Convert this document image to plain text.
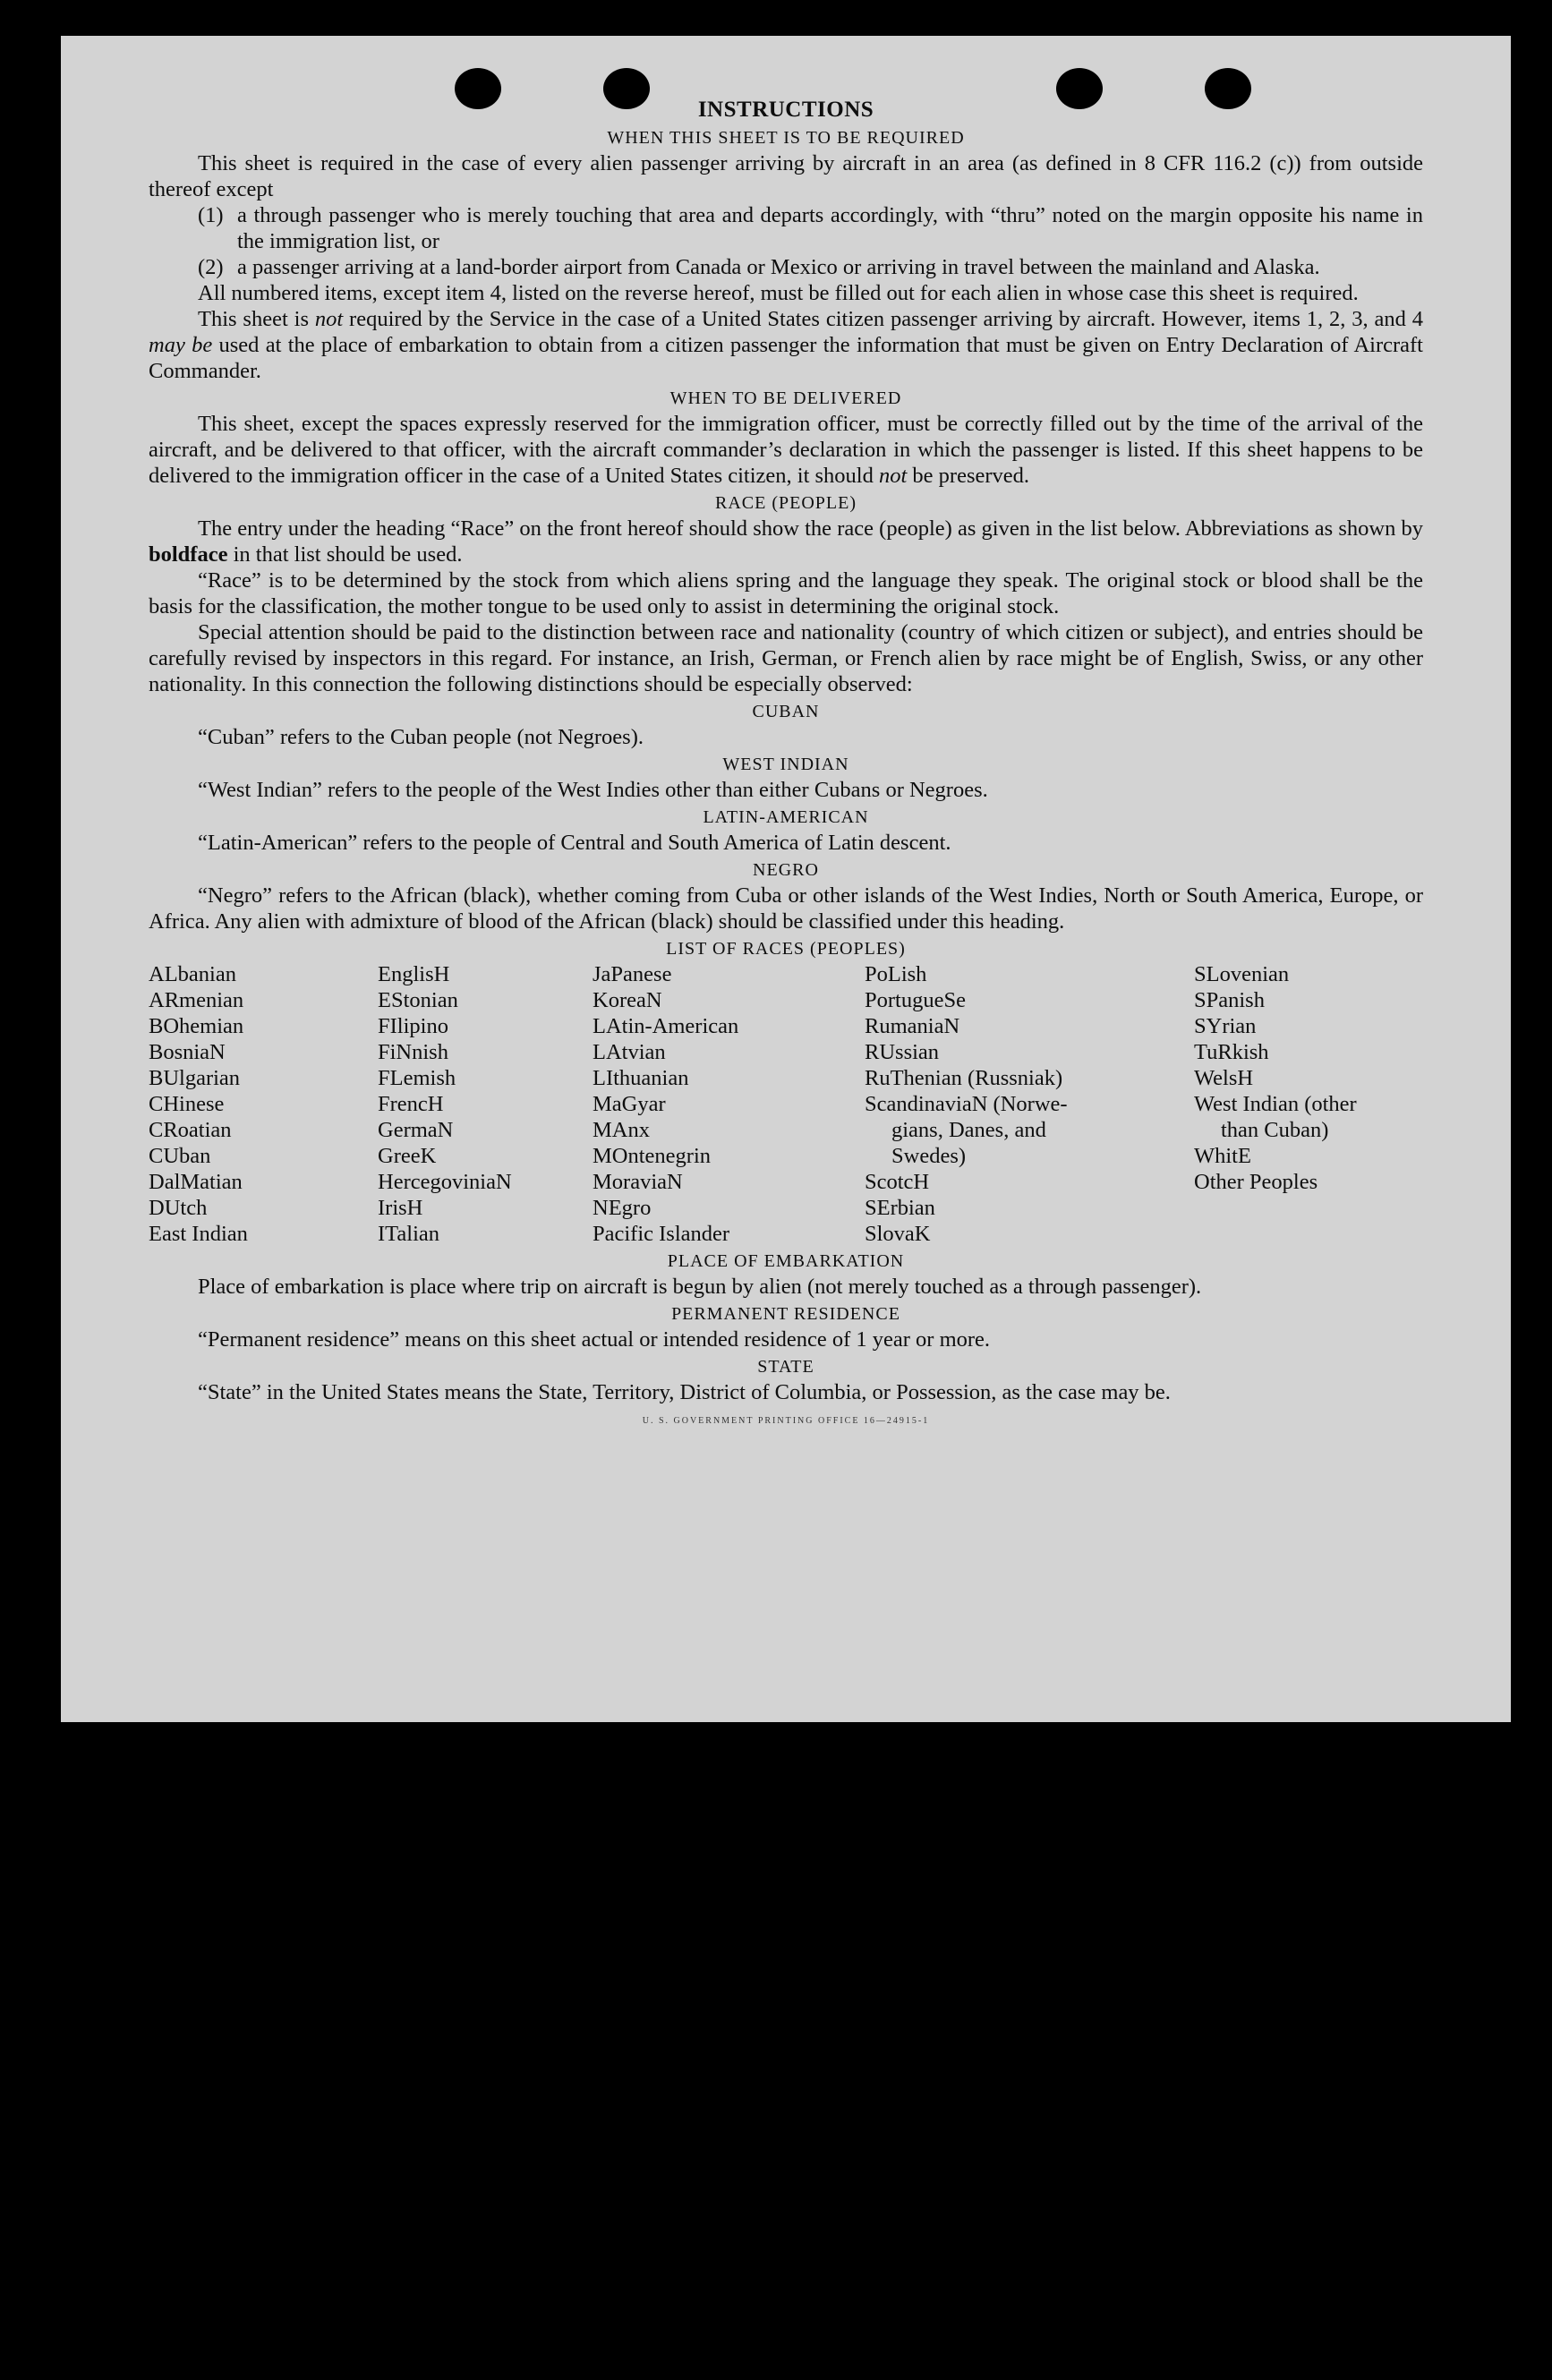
INSTRUCTIONS
WHEN THIS SHEET IS TO BE REQUIRED

This sheet is required in the case of every alien passenger arriving by aircraft in an area (as defined in 8 CFR 116.2 (c)) from outside thereof except

(1) a through passenger who is merely touching that area and departs accordingly, with “thru” noted on the margin opposite his name in the immigration list, or
(2) a passenger arriving at a land-border airport from Canada or Mexico or arriving in travel between the mainland and Alaska.

All numbered items, except item 4, listed on the reverse hereof, must be filled out for each alien in whose case this sheet is required.

This sheet is not required by the Service in the case of a United States citizen passenger arriving by aircraft. However, items 1, 2, 3, and 4 may be used at the place of embarkation to obtain from a citizen passenger the information that must be given on Entry Declaration of Aircraft Commander.

WHEN TO BE DELIVERED

This sheet, except the spaces expressly reserved for the immigration officer, must be correctly filled out by the time of the arrival of the aircraft, and be delivered to that officer, with the aircraft commander’s declaration in which the passenger is listed. If this sheet happens to be delivered to the immigration officer in the case of a United States citizen, it should not be preserved.

RACE (PEOPLE)

The entry under the heading “Race” on the front hereof should show the race (people) as given in the list below. Abbreviations as shown by boldface in that list should be used.

“Race” is to be determined by the stock from which aliens spring and the language they speak. The original stock or blood shall be the basis for the classification, the mother tongue to be used only to assist in determining the original stock.

Special attention should be paid to the distinction between race and nationality (country of which citizen or subject), and entries should be carefully revised by inspectors in this regard. For instance, an Irish, German, or French alien by race might be of English, Swiss, or any other nationality. In this connection the following distinctions should be especially observed:

CUBAN

“Cuban” refers to the Cuban people (not Negroes).

WEST INDIAN

“West Indian” refers to the people of the West Indies other than either Cubans or Negroes.

LATIN-AMERICAN

“Latin-American” refers to the people of Central and South America of Latin descent.

NEGRO

“Negro” refers to the African (black), whether coming from Cuba or other islands of the West Indies, North or South America, Europe, or Africa. Any alien with admixture of blood of the African (black) should be classified under this heading.

LIST OF RACES (PEOPLES)
ALbanian
ARmenian
BOhemian
BosniaN
BUlgarian
CHinese
CRoatian
CUban
DalMatian
DUtch
East Indian
EnglisH
EStonian
FIlipino
FiNnish
FLemish
FrencH
GermaN
GreeK
HercegoviniaN
IrisH
ITalian
JaPanese
KoreaN
LAtin-American
LAtvian
LIthuanian
MaGyar
MAnx
MOntenegrin
MoraviaN
NEgro
Pacific Islander
PoLish
PortugueSe
RumaniaN
RUssian
RuThenian (Russniak)
ScandinaviaN (Norwe-
gians, Danes, and
Swedes)
ScotcH
SErbian
SlovaK
SLovenian
SPanish
SYrian
TuRkish
WelsH
West Indian (other
than Cuban)
WhitE
Other Peoples
PLACE OF EMBARKATION

Place of embarkation is place where trip on aircraft is begun by alien (not merely touched as a through passenger).

PERMANENT RESIDENCE

“Permanent residence” means on this sheet actual or intended residence of 1 year or more.

STATE

“State” in the United States means the State, Territory, District of Columbia, or Possession, as the case may be.

U. S. GOVERNMENT PRINTING OFFICE 16—24915-1
